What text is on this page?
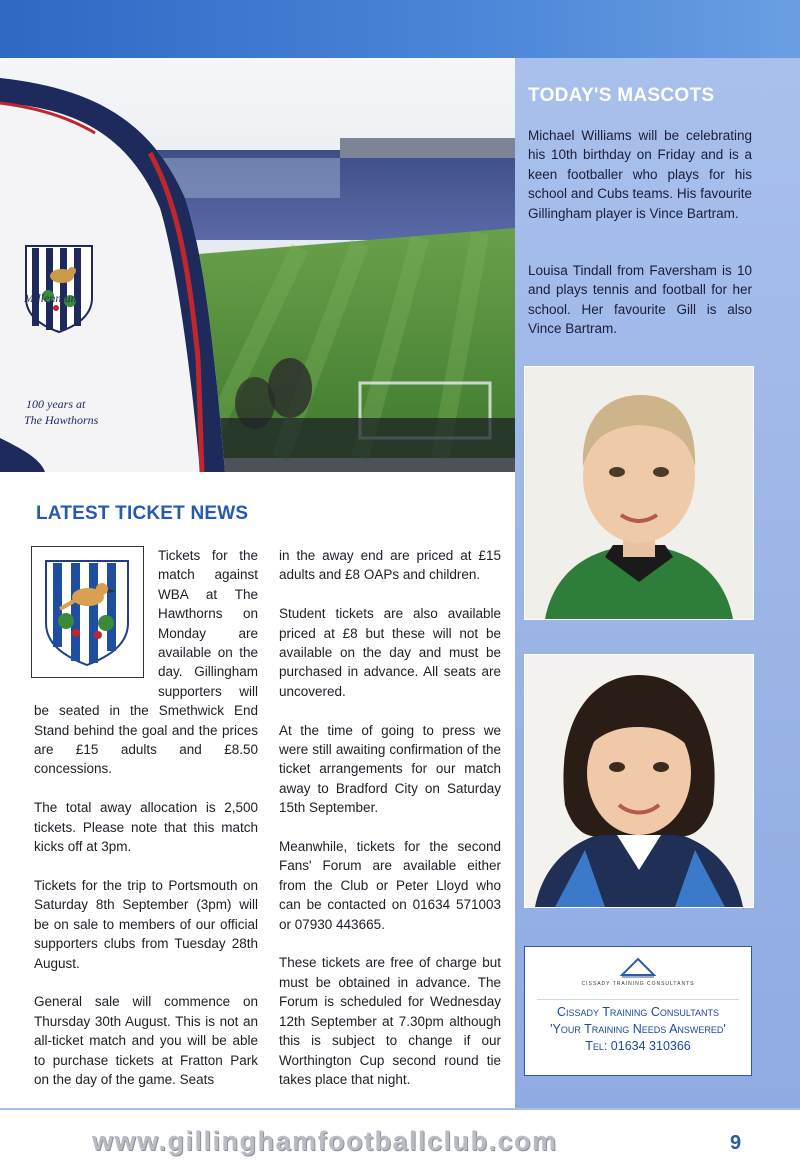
Millennium
100 years at
The Hawthorns
TODAY'S MASCOTS

Michael Williams will be celebrating his 10th birthday on Friday and is a keen footballer who plays for his school and Cubs teams. His favourite Gillingham player is Vince Bartram.

Louisa Tindall from Faversham is 10 and plays tennis and football for her school. Her favourite Gill is also Vince Bartram.

CISSADY TRAINING CONSULTANTS
Cissady Training Consultants
'Your Training Needs Answered'
Tel: 01634 310366
LATEST TICKET NEWS

Tickets for the match against WBA at The Hawthorns on Monday are available on the day. Gillingham supporters will be seated in the Smethwick End Stand behind the goal and the prices are £15 adults and £8.50 concessions.

The total away allocation is 2,500 tickets. Please note that this match kicks off at 3pm.

Tickets for the trip to Portsmouth on Saturday 8th September (3pm) will be on sale to members of our official supporters clubs from Tuesday 28th August.

General sale will commence on Thursday 30th August. This is not an all-ticket match and you will be able to purchase tickets at Fratton Park on the day of the game. Seats

in the away end are priced at £15 adults and £8 OAPs and children.

Student tickets are also available priced at £8 but these will not be available on the day and must be purchased in advance. All seats are uncovered.

At the time of going to press we were still awaiting confirmation of the ticket arrangements for our match away to Bradford City on Saturday 15th September.

Meanwhile, tickets for the second Fans' Forum are available either from the Club or Peter Lloyd who can be contacted on 01634 571003 or 07930 443665.

These tickets are free of charge but must be obtained in advance. The Forum is scheduled for Wednesday 12th September at 7.30pm although this is subject to change if our Worthington Cup second round tie takes place that night.

www.gillinghamfootballclub.com	9
